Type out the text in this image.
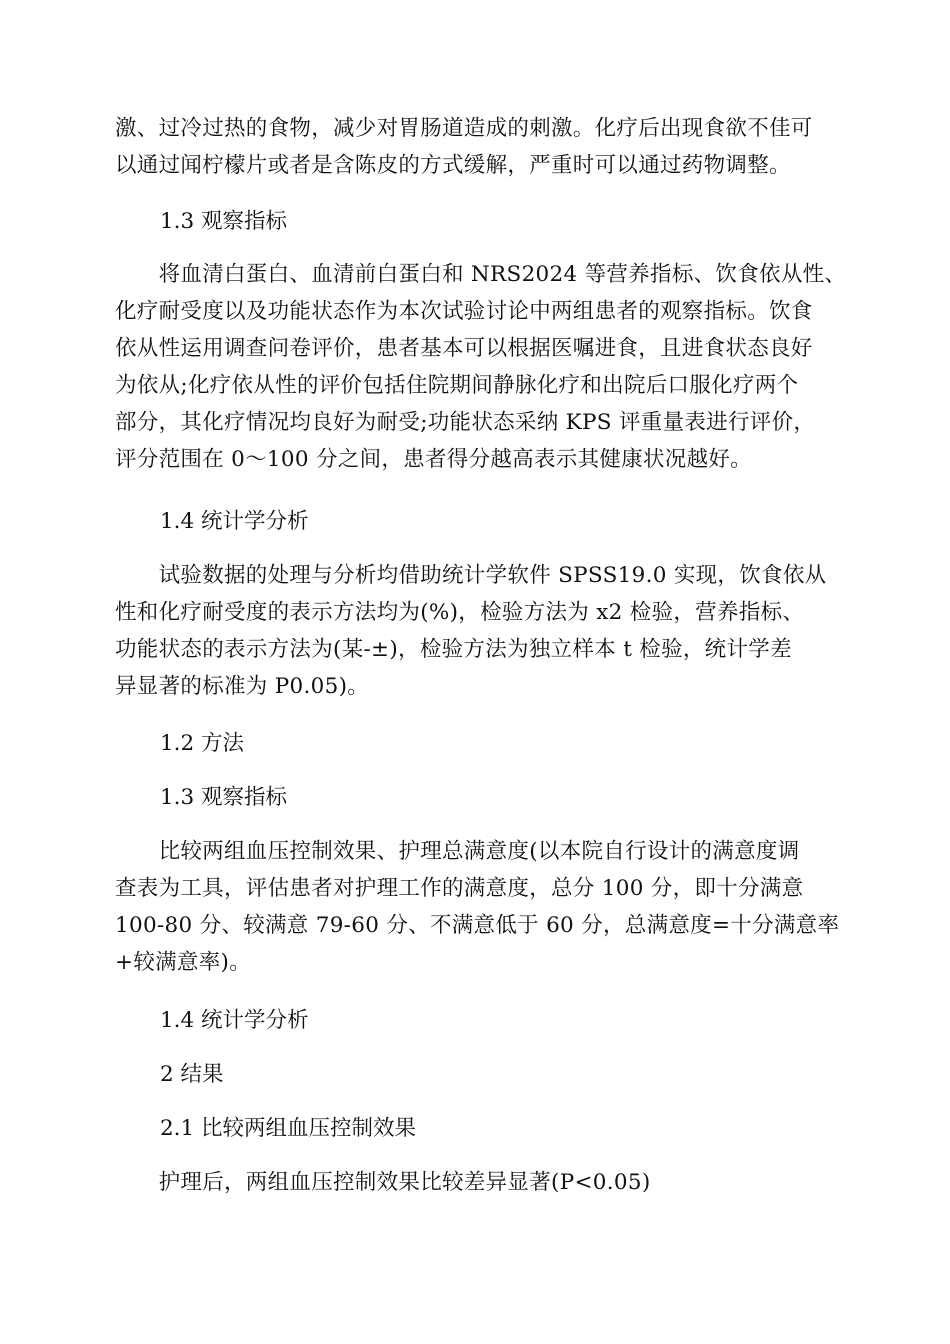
激、过冷过热的食物，减少对胃肠道造成的刺激。化疗后出现食欲不佳可
以通过闻柠檬片或者是含陈皮的方式缓解，严重时可以通过药物调整。
1.3 观察指标
　　将血清白蛋白、血清前白蛋白和 NRS2024 等营养指标、饮食依从性、
化疗耐受度以及功能状态作为本次试验讨论中两组患者的观察指标。饮食
依从性运用调查问卷评价，患者基本可以根据医嘱进食，且进食状态良好
为依从;化疗依从性的评价包括住院期间静脉化疗和出院后口服化疗两个
部分，其化疗情况均良好为耐受;功能状态采纳 KPS 评重量表进行评价，
评分范围在 0～100 分之间，患者得分越高表示其健康状况越好。
1.4 统计学分析
　　试验数据的处理与分析均借助统计学软件 SPSS19.0 实现，饮食依从
性和化疗耐受度的表示方法均为(%)，检验方法为 x2 检验，营养指标、
功能状态的表示方法为(某-±)，检验方法为独立样本 t 检验，统计学差
异显著的标准为 P0.05)。
1.2 方法
1.3 观察指标
　　比较两组血压控制效果、护理总满意度(以本院自行设计的满意度调
查表为工具，评估患者对护理工作的满意度，总分 100 分，即十分满意
100-80 分、较满意 79-60 分、不满意低于 60 分，总满意度=十分满意率
+较满意率)。
1.4 统计学分析
2 结果
2.1 比较两组血压控制效果
　　护理后，两组血压控制效果比较差异显著(P<0.05)
